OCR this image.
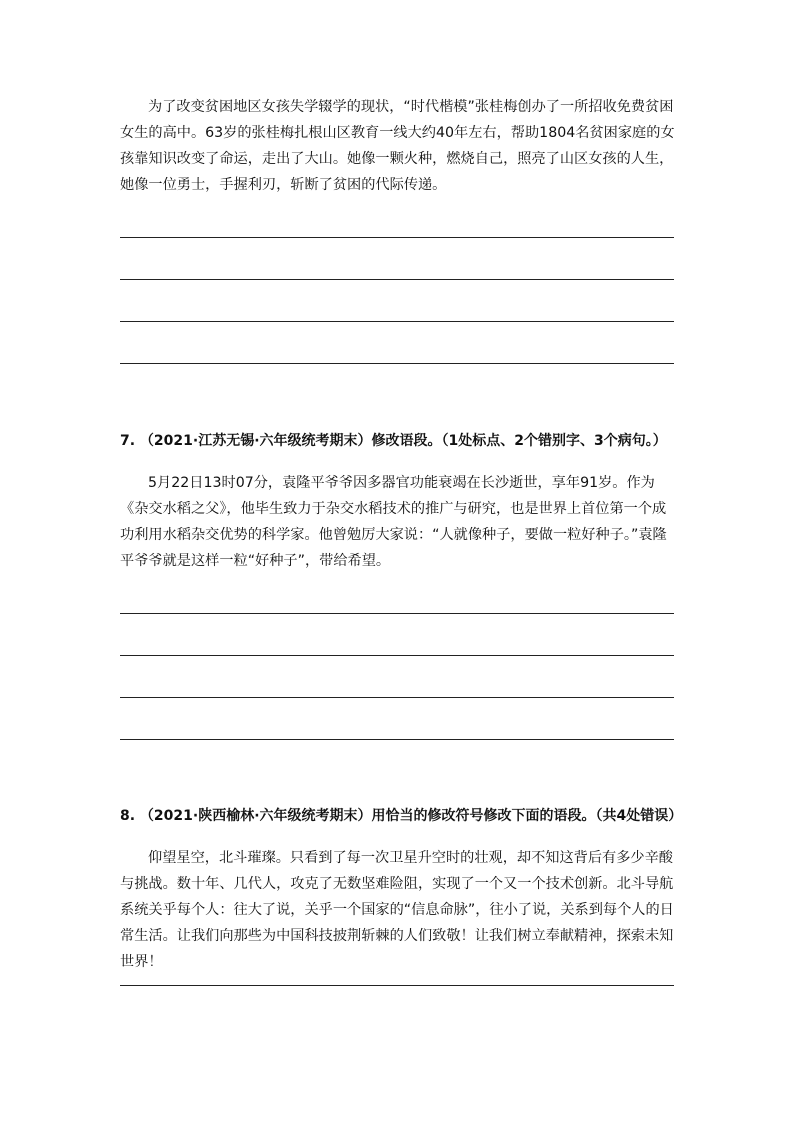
为了改变贫困地区女孩失学辍学的现状，“时代楷模”张桂梅创办了一所招收免费贫困女生的高中。63岁的张桂梅扎根山区教育一线大约40年左右，帮助1804名贫困家庭的女孩靠知识改变了命运，走出了大山。她像一颗火种，燃烧自己，照亮了山区女孩的人生，她像一位勇士，手握利刃，斩断了贫困的代际传递。

7. （2021·江苏无锡·六年级统考期末）修改语段。（1处标点、2个错别字、3个病句。）

5月22日13时07分，袁隆平爷爷因多器官功能衰竭在长沙逝世，享年91岁。作为《杂交水稻之父》，他毕生致力于杂交水稻技术的推广与研究，也是世界上首位第一个成功利用水稻杂交优势的科学家。他曾勉厉大家说：“人就像种子，要做一粒好种子。”袁隆平爷爷就是这样一粒“好种子”，带给希望。

8. （2021·陕西榆林·六年级统考期末）用恰当的修改符号修改下面的语段。（共4处错误）

仰望星空，北斗璀璨。只看到了每一次卫星升空时的壮观，却不知这背后有多少辛酸与挑战。数十年、几代人，攻克了无数坚难险阻，实现了一个又一个技术创新。北斗导航系统关乎每个人：往大了说，关乎一个国家的“信息命脉”，往小了说，关系到每个人的日常生活。让我们向那些为中国科技披荆斩棘的人们致敬！让我们树立奉献精神，探索未知世界！
